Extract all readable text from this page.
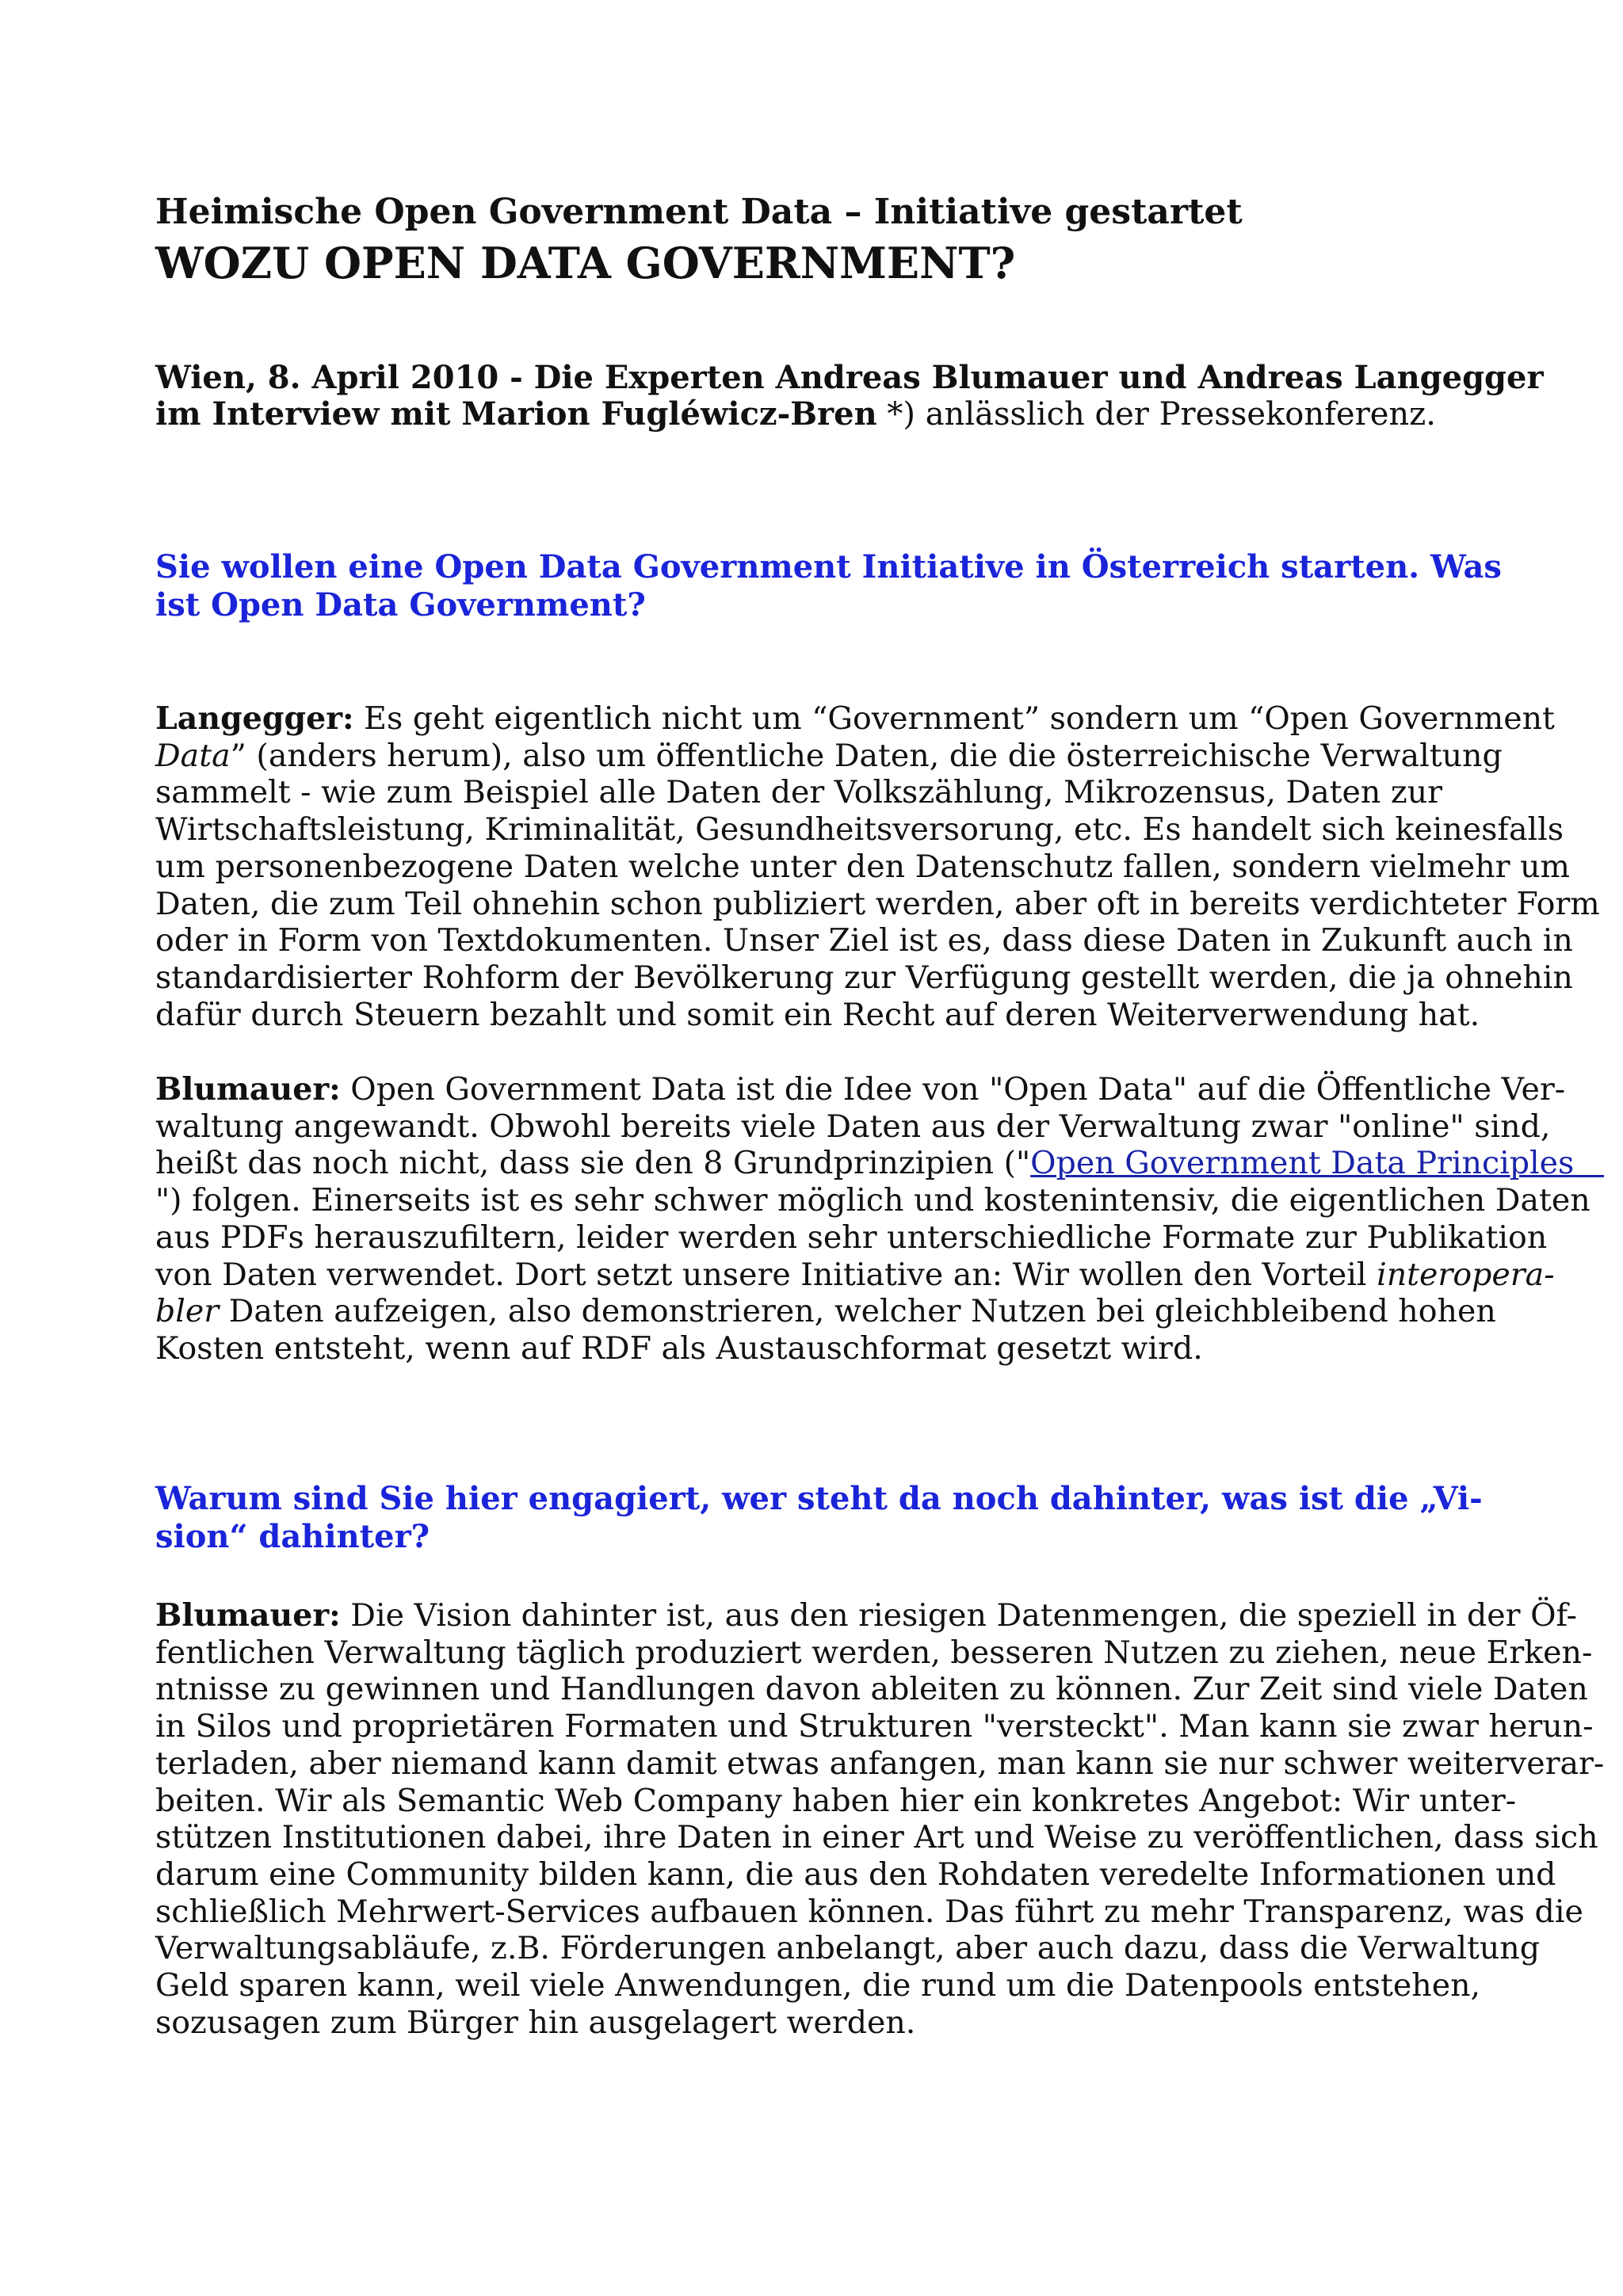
Heimische Open Government Data – Initiative gestartet
WOZU OPEN DATA GOVERNMENT?
Wien, 8. April 2010 - Die Experten Andreas Blumauer und Andreas Langegger
im Interview mit Marion Fugléwicz-Bren *) anlässlich der Pressekonferenz.
Sie wollen eine Open Data Government Initiative in Österreich starten. Was
ist Open Data Government?
Langegger: Es geht eigentlich nicht um “Government” sondern um “Open Government
Data” (anders herum), also um öffentliche Daten, die die österreichische Verwaltung
sammelt - wie zum Beispiel alle Daten der Volkszählung, Mikrozensus, Daten zur
Wirtschaftsleistung, Kriminalität, Gesundheitsversorung, etc. Es handelt sich keinesfalls
um personenbezogene Daten welche unter den Datenschutz fallen, sondern vielmehr um
Daten, die zum Teil ohnehin schon publiziert werden, aber oft in bereits verdichteter Form
oder in Form von Textdokumenten. Unser Ziel ist es, dass diese Daten in Zukunft auch in
standardisierter Rohform der Bevölkerung zur Verfügung gestellt werden, die ja ohnehin
dafür durch Steuern bezahlt und somit ein Recht auf deren Weiterverwendung hat.
Blumauer: Open Government Data ist die Idee von "Open Data" auf die Öffentliche Ver-
waltung angewandt. Obwohl bereits viele Daten aus der Verwaltung zwar "online" sind,
heißt das noch nicht, dass sie den 8 Grundprinzipien ("Open Government Data Principles
") folgen. Einerseits ist es sehr schwer möglich und kostenintensiv, die eigentlichen Daten
aus PDFs herauszufiltern, leider werden sehr unterschiedliche Formate zur Publikation
von Daten verwendet. Dort setzt unsere Initiative an: Wir wollen den Vorteil interopera-
bler Daten aufzeigen, also demonstrieren, welcher Nutzen bei gleichbleibend hohen
Kosten entsteht, wenn auf RDF als Austauschformat gesetzt wird.
Warum sind Sie hier engagiert, wer steht da noch dahinter, was ist die „Vi-
sion“ dahinter?
Blumauer: Die Vision dahinter ist, aus den riesigen Datenmengen, die speziell in der Öf-
fentlichen Verwaltung täglich produziert werden, besseren Nutzen zu ziehen, neue Erken-
ntnisse zu gewinnen und Handlungen davon ableiten zu können. Zur Zeit sind viele Daten
in Silos und proprietären Formaten und Strukturen "versteckt". Man kann sie zwar herun-
terladen, aber niemand kann damit etwas anfangen, man kann sie nur schwer weiterverar-
beiten. Wir als Semantic Web Company haben hier ein konkretes Angebot: Wir unter-
stützen Institutionen dabei, ihre Daten in einer Art und Weise zu veröffentlichen, dass sich
darum eine Community bilden kann, die aus den Rohdaten veredelte Informationen und
schließlich Mehrwert-Services aufbauen können. Das führt zu mehr Transparenz, was die
Verwaltungsabläufe, z.B. Förderungen anbelangt, aber auch dazu, dass die Verwaltung
Geld sparen kann, weil viele Anwendungen, die rund um die Datenpools entstehen,
sozusagen zum Bürger hin ausgelagert werden.
